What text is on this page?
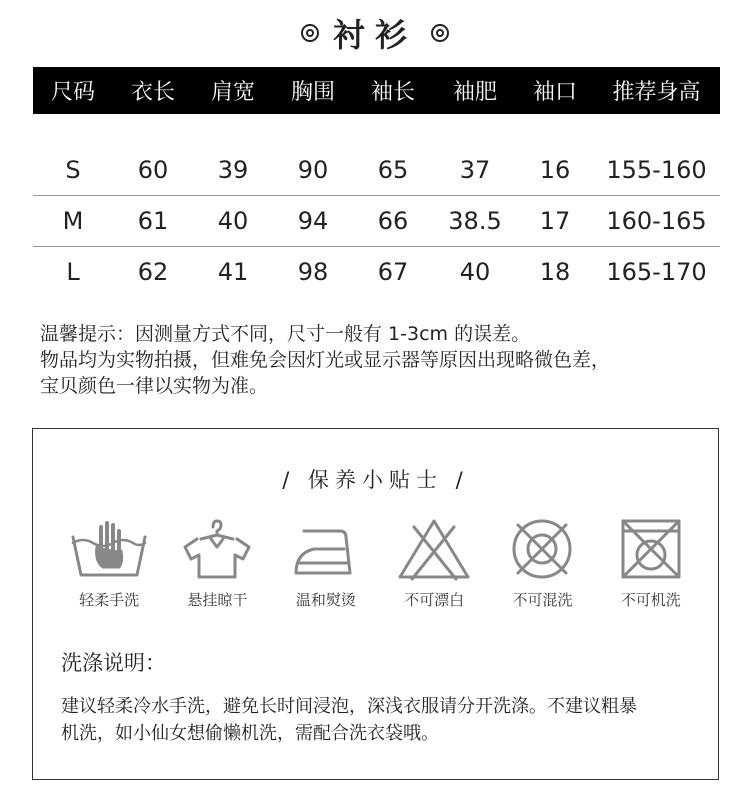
衬衫
尺码	衣长	肩宽	胸围	袖长	袖肥	袖口	推荐身高
S	60	39	90	65	37	16	155-160
M	61	40	94	66	38.5	17	160-165
L	62	41	98	67	40	18	165-170
温馨提示：因测量方式不同，尺寸一般有 1-3cm 的误差。
物品均为实物拍摄，但难免会因灯光或显示器等原因出现略微色差，
宝贝颜色一律以实物为准。
/ 保养小贴士 /
轻柔手洗	悬挂晾干	温和熨烫	不可漂白	不可混洗	不可机洗
洗涤说明：
建议轻柔冷水手洗，避免长时间浸泡，深浅衣服请分开洗涤。不建议粗暴
机洗，如小仙女想偷懒机洗，需配合洗衣袋哦。
